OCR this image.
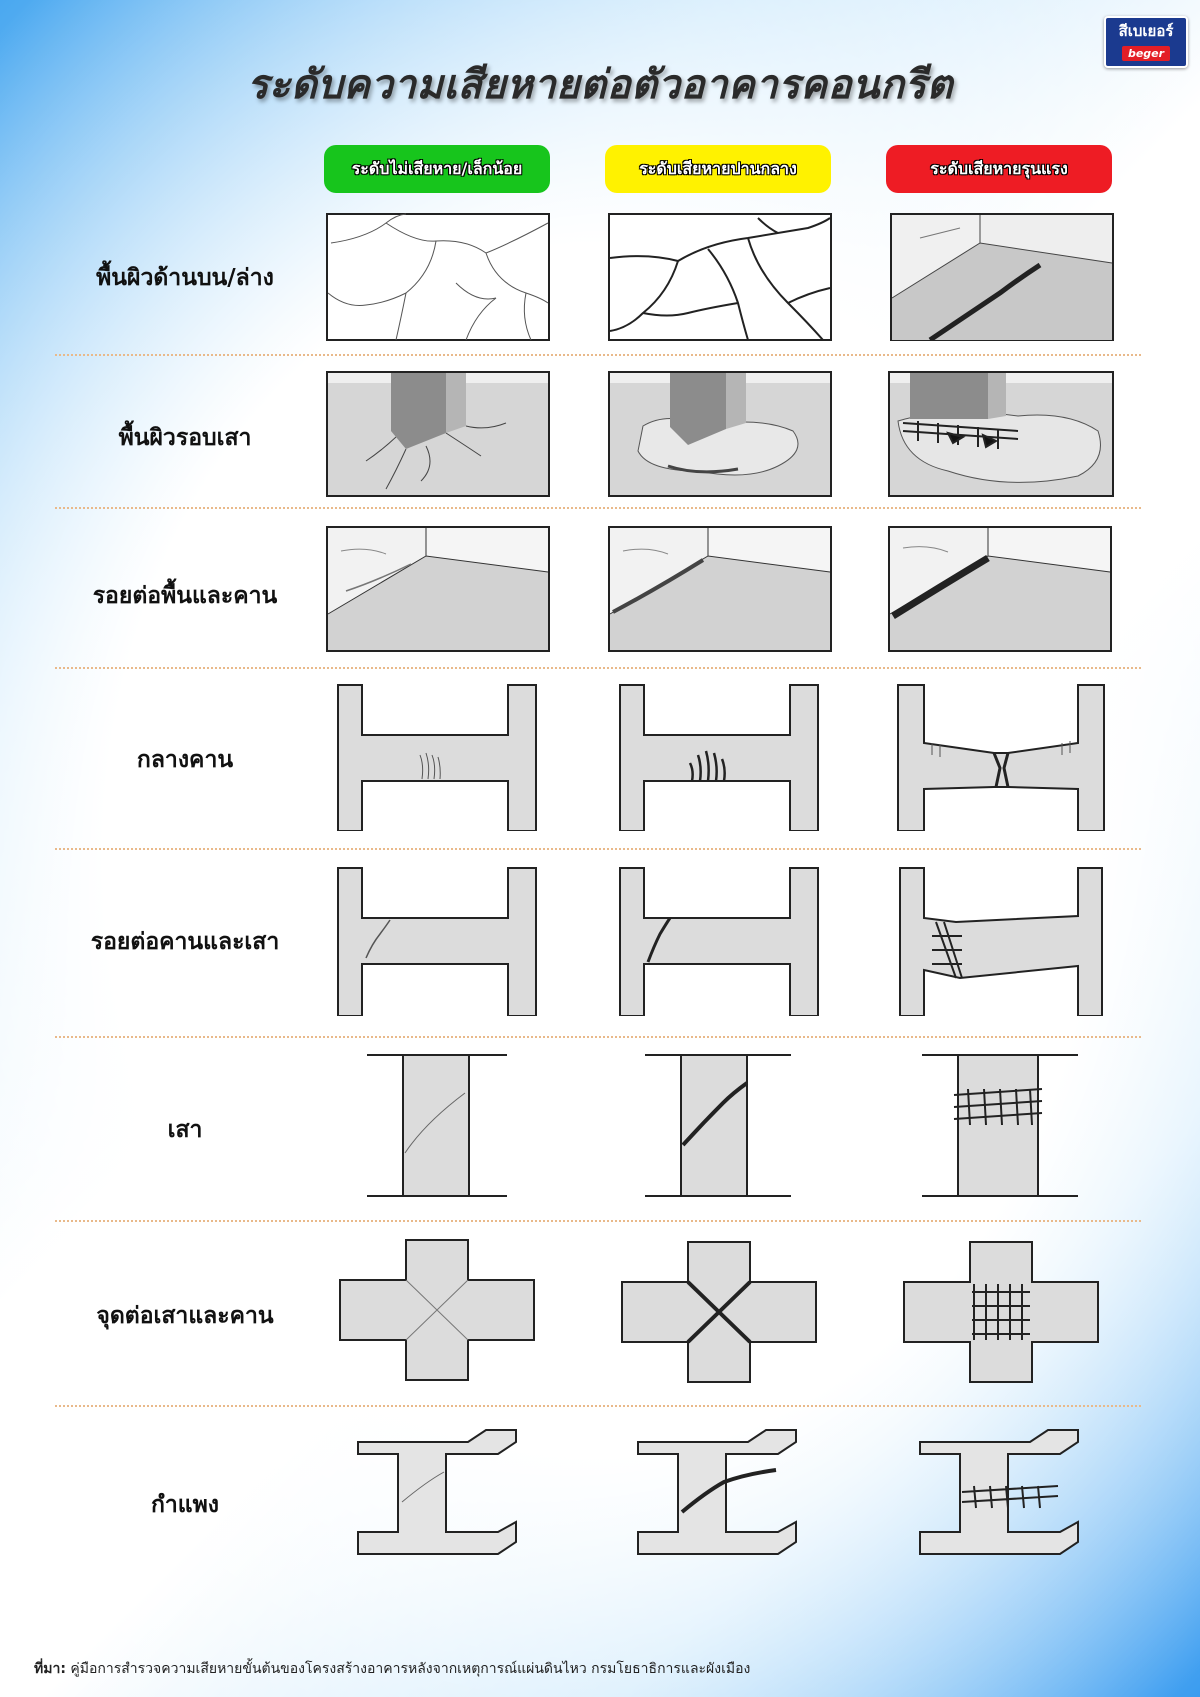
สีเบเยอร์
beger
ระดับความเสียหายต่อตัวอาคารคอนกรีต
ระดับไม่เสียหาย/เล็กน้อย	ระดับเสียหายปานกลาง	ระดับเสียหายรุนแรง
พื้นผิวด้านบน/ล่าง
พื้นผิวรอบเสา
รอยต่อพื้นและคาน
กลางคาน
รอยต่อคานและเสา
เสา
จุดต่อเสาและคาน
กำแพง
ที่มา: คู่มือการสำรวจความเสียหายขั้นต้นของโครงสร้างอาคารหลังจากเหตุการณ์แผ่นดินไหว กรมโยธาธิการและผังเมือง
